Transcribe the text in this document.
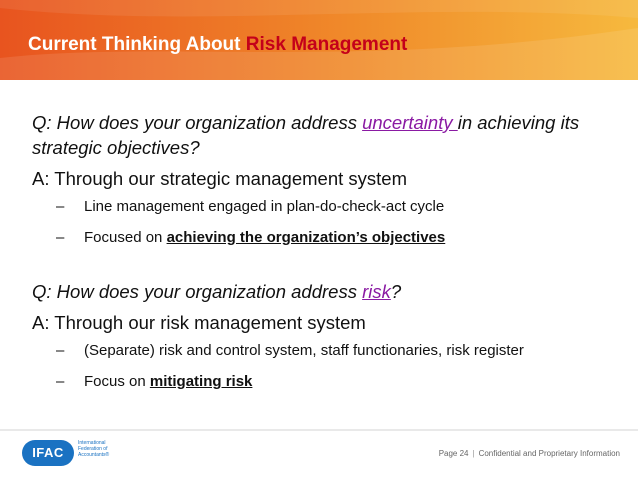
Current Thinking About Risk Management

Q: How does your organization address uncertainty in achieving its strategic objectives?

A: Through our strategic management system

– Line management engaged in plan-do-check-act cycle
– Focused on achieving the organization’s objectives

Q: How does your organization address risk?

A: Through our risk management system

– (Separate) risk and control system, staff functionaries, risk register
– Focus on mitigating risk
IFAC
International Federation of Accountants®	Page 24 | Confidential and Proprietary Information
